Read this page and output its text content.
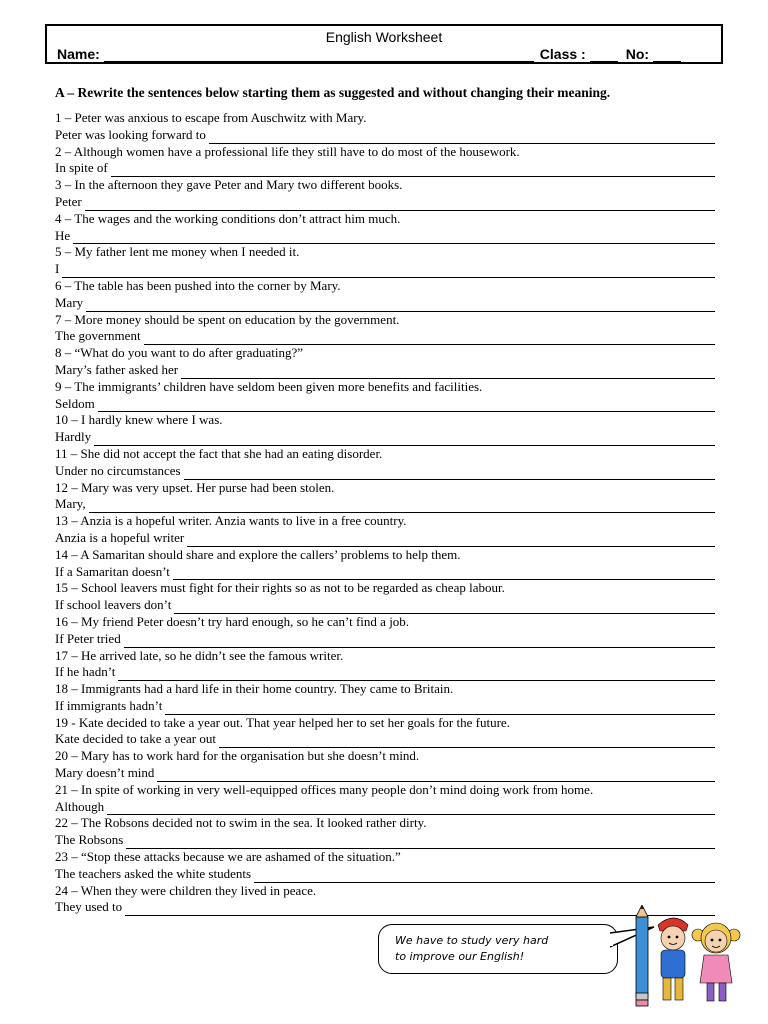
English Worksheet
Name:	Class :	No:
A – Rewrite the sentences below starting them as suggested and without changing their meaning.
1 – Peter was anxious to escape from Auschwitz with Mary.
Peter was looking forward to
2 – Although women have a professional life they still have to do most of the housework.
In spite of
3 – In the afternoon they gave Peter and Mary two different books.
Peter
4 – The wages and the working conditions don’t attract him much.
He
5 – My father lent me money when I needed it.
I
6 – The table has been pushed into the corner by Mary.
Mary
7 – More money should be spent on education by the government.
The government
8 – “What do you want to do after graduating?”
Mary’s father asked her
9 – The immigrants’ children have seldom been given more benefits and facilities.
Seldom
10 – I hardly knew where I was.
Hardly
11 – She did not accept the fact that she had an eating disorder.
Under no circumstances
12 – Mary was very upset. Her purse had been stolen.
Mary,
13 – Anzia is a hopeful writer. Anzia wants to live in a free country.
Anzia is a hopeful writer
14 – A Samaritan should share and explore the callers’ problems to help them.
If a Samaritan doesn’t
15 – School leavers must fight for their rights so as not to be regarded as cheap labour.
If school leavers don’t
16 – My friend Peter doesn’t try hard enough, so he can’t find a job.
If Peter tried
17 – He arrived late, so he didn’t see the famous writer.
If he hadn’t
18 – Immigrants had a hard life in their home country. They came to Britain.
If immigrants hadn’t
19 - Kate decided to take a year out. That year helped her to set her goals for the future.
Kate decided to take a year out
20 – Mary has to work hard for the organisation but she doesn’t mind.
Mary doesn’t mind
21 – In spite of working in very well-equipped offices many people don’t mind doing work from home.
Although
22 – The Robsons decided not to swim in the sea. It looked rather dirty.
The Robsons
23 – “Stop these attacks because we are ashamed of the situation.”
The teachers asked the white students
24 – When they were children they lived in peace.
They used to
We have to study very hard
to improve our English!
